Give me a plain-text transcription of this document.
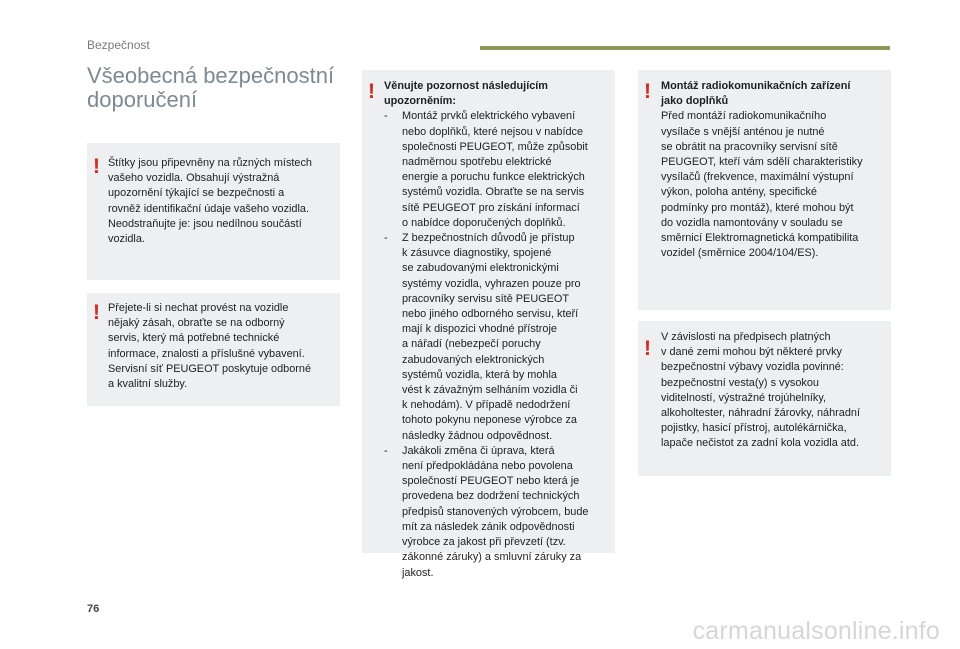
Bezpečnost
Všeobecná bezpečnostní
doporučení
! Štítky jsou připevněny na různých místech

vašeho vozidla. Obsahují výstražná

upozornění týkající se bezpečnosti a

rovněž identifikační údaje vašeho vozidla.

Neodstraňujte je: jsou nedílnou součástí

vozidla.

! Přejete-li si nechat provést na vozidle

nějaký zásah, obraťte se na odborný

servis, který má potřebné technické

informace, znalosti a příslušné vybavení.

Servisní síť PEUGEOT poskytuje odborné

a kvalitní služby.

! Věnujte pozornost následujícím

upozorněním:

- Montáž prvků elektrického vybavení
nebo doplňků, které nejsou v nabídce
společnosti PEUGEOT, může způsobit
nadměrnou spotřebu elektrické
energie a poruchu funkce elektrických
systémů vozidla. Obraťte se na servis
sítě PEUGEOT pro získání informací
o nabídce doporučených doplňků.
- Z bezpečnostních důvodů je přístup
k zásuvce diagnostiky, spojené
se zabudovanými elektronickými
systémy vozidla, vyhrazen pouze pro
pracovníky servisu sítě PEUGEOT
nebo jiného odborného servisu, kteří
mají k dispozici vhodné přístroje
a nářadí (nebezpečí poruchy
zabudovaných elektronických
systémů vozidla, která by mohla
vést k závažným selháním vozidla či
k nehodám). V případě nedodržení
tohoto pokynu neponese výrobce za
následky žádnou odpovědnost.
- Jakákoli změna či úprava, která
není předpokládána nebo povolena
společností PEUGEOT nebo která je
provedena bez dodržení technických
předpisů stanovených výrobcem, bude
mít za následek zánik odpovědnosti
výrobce za jakost při převzetí (tzv.
zákonné záruky) a smluvní záruky za
jakost.
! Montáž radiokomunikačních zařízení

jako doplňků

Před montáží radiokomunikačního

vysílače s vnější anténou je nutné

se obrátit na pracovníky servisní sítě

PEUGEOT, kteří vám sdělí charakteristiky

vysílačů (frekvence, maximální výstupní

výkon, poloha antény, specifické

podmínky pro montáž), které mohou být

do vozidla namontovány v souladu se

směrnicí Elektromagnetická kompatibilita

vozidel (směrnice 2004/104/ES).

! V závislosti na předpisech platných

v dané zemi mohou být některé prvky

bezpečnostní výbavy vozidla povinné:

bezpečnostní vesta(y) s vysokou

viditelností, výstražné trojúhelníky,

alkoholtester, náhradní žárovky, náhradní

pojistky, hasicí přístroj, autolékárnička,

lapače nečistot za zadní kola vozidla atd.

76
carmanualsonline.info
